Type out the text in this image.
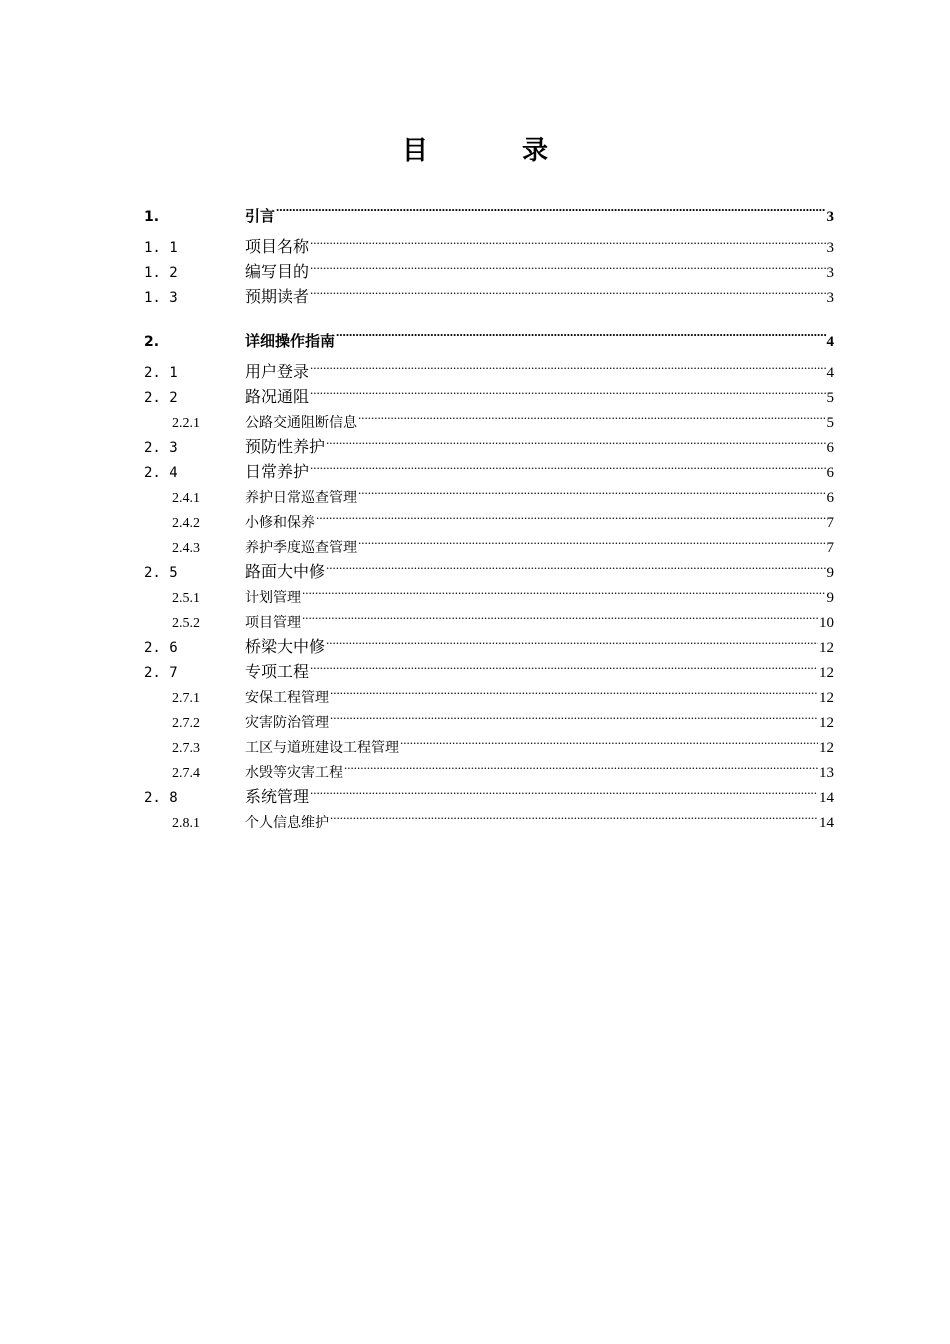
目　录
1.	引言 .....	3
1. 1	项目名称 .....	3
1. 2	编写目的 .....	3
1. 3	预期读者 .....	3
2.	详细操作指南 .....	4
2. 1	用户登录 .....	4
2. 2	路况通阻 .....	5
2.2.1	公路交通阻断信息 .....	5
2. 3	预防性养护 .....	6
2. 4	日常养护 .....	6
2.4.1	养护日常巡查管理 .....	6
2.4.2	小修和保养 .....	7
2.4.3	养护季度巡查管理 .....	7
2. 5	路面大中修 .....	9
2.5.1	计划管理 .....	9
2.5.2	项目管理 .....	10
2. 6	桥梁大中修 .....	12
2. 7	专项工程 .....	12
2.7.1	安保工程管理 .....	12
2.7.2	灾害防治管理 .....	12
2.7.3	工区与道班建设工程管理 .....	12
2.7.4	水毁等灾害工程 .....	13
2. 8	系统管理 .....	14
2.8.1	个人信息维护 .....	14
